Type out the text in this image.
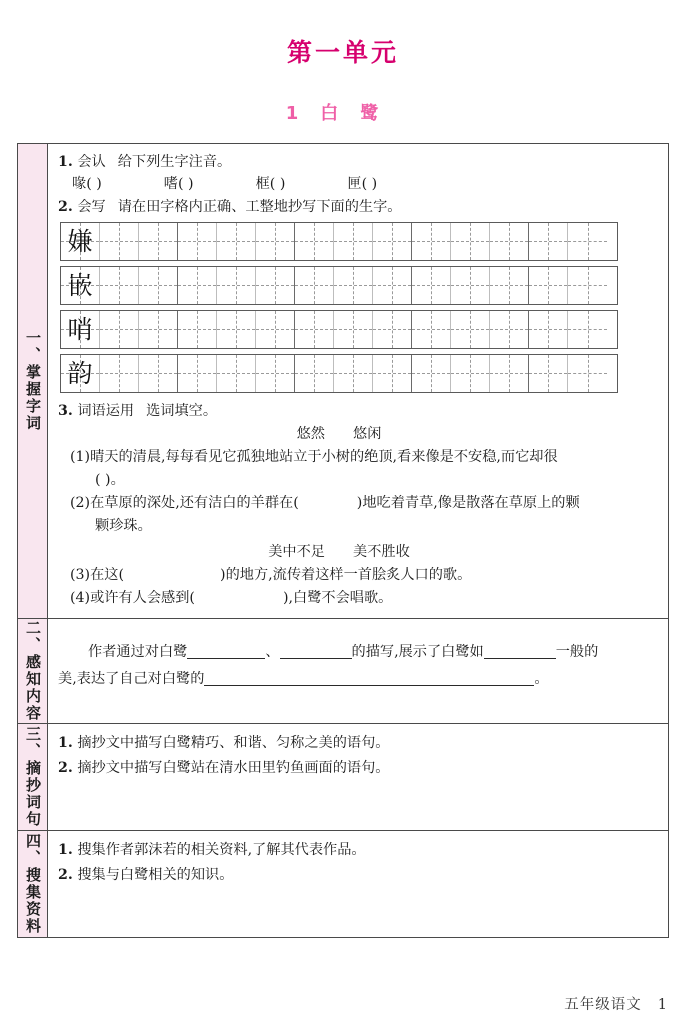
第一单元
1白鹭
一、掌握字词
1. 会认 给下列生字注音。
喙( )	嗜( )	框( )	匣( )
2. 会写 请在田字格内正确、工整地抄写下面的生字。
嫌
嵌
哨
韵
3. 词语运用 选词填空。
悠然 悠闲
(1)晴天的清晨,每每看见它孤独地站立于小树的绝顶,看来像是不安稳,而它却很
( )。
(2)在草原的深处,还有洁白的羊群在(	)地吃着青草,像是散落在草原上的颗
颗珍珠。
美中不足 美不胜收
(3)在这(	)的地方,流传着这样一首脍炙人口的歌。
(4)或许有人会感到(	),白鹭不会唱歌。
二、感知内容	作者通过对白鹭	、	的描写,展示了白鹭如	一般的
美,表达了自己对白鹭的	。
三、摘抄词句 1. 摘抄文中描写白鹭精巧、和谐、匀称之美的语句。
2. 摘抄文中描写白鹭站在清水田里钓鱼画面的语句。
四、搜集资料 1. 搜集作者郭沫若的相关资料,了解其代表作品。
2. 搜集与白鹭相关的知识。
五年级语文 1
